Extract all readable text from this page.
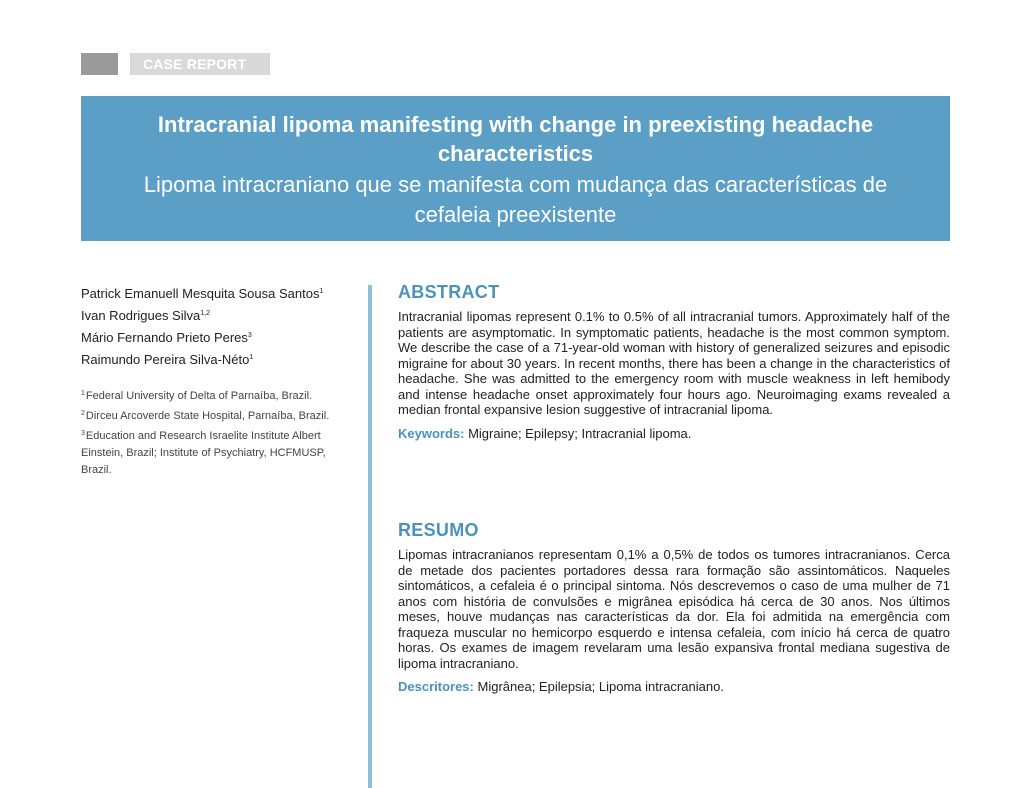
CASE REPORT
Intracranial lipoma manifesting with change in preexisting headache characteristics
Lipoma intracraniano que se manifesta com mudança das características de cefaleia preexistente
Patrick Emanuell Mesquita Sousa Santos$^1$
Ivan Rodrigues Silva$^{1,2}$
Mário Fernando Prieto Peres$^3$
Raimundo Pereira Silva-Néto$^1$
$^1$Federal University of Delta of Parnaíba, Brazil.
$^2$Dirceu Arcoverde State Hospital, Parnaíba, Brazil.
$^3$Education and Research Israelite Institute Albert Einstein, Brazil; Institute of Psychiatry, HCFMUSP, Brazil.
ABSTRACT

Intracranial lipomas represent 0.1% to 0.5% of all intracranial tumors. Approximately half of the patients are asymptomatic. In symptomatic patients, headache is the most common symptom. We describe the case of a 71-year-old woman with history of generalized seizures and episodic migraine for about 30 years. In recent months, there has been a change in the characteristics of headache. She was admitted to the emergency room with muscle weakness in left hemibody and intense headache onset approximately four hours ago. Neuroimaging exams revealed a median frontal expansive lesion suggestive of intracranial lipoma.

Keywords: Migraine; Epilepsy; Intracranial lipoma.
RESUMO

Lipomas intracranianos representam 0,1% a 0,5% de todos os tumores intracranianos. Cerca de metade dos pacientes portadores dessa rara formação são assintomáticos. Naqueles sintomáticos, a cefaleia é o principal sintoma. Nós descrevemos o caso de uma mulher de 71 anos com história de convulsões e migrânea episódica há cerca de 30 anos. Nos últimos meses, houve mudanças nas características da dor. Ela foi admitida na emergência com fraqueza muscular no hemicorpo esquerdo e intensa cefaleia, com início há cerca de quatro horas. Os exames de imagem revelaram uma lesão expansiva frontal mediana sugestiva de lipoma intracraniano.

Descritores: Migrânea; Epilepsia; Lipoma intracraniano.
